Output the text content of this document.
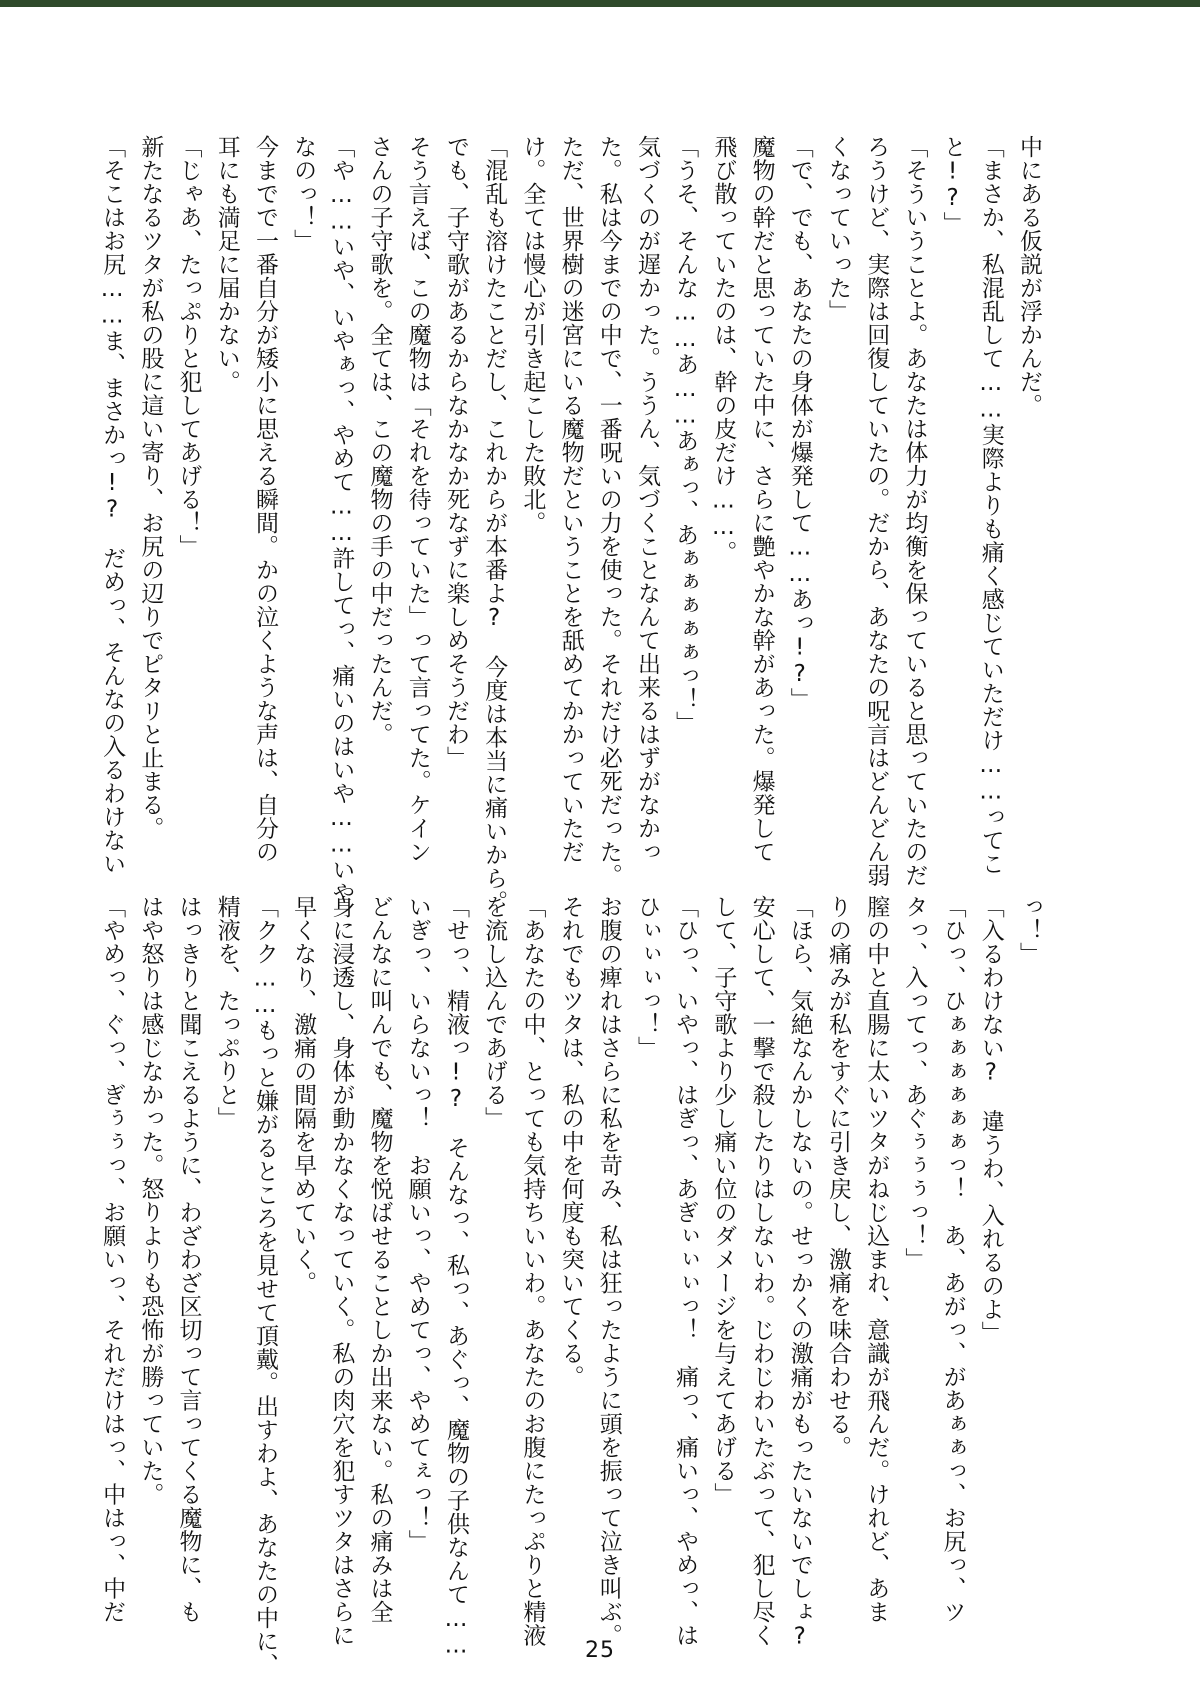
中にある仮説が浮かんだ。
「まさか、私混乱して……実際よりも痛く感じていただけ……ってこ
と!?」
「そういうことよ。あなたは体力が均衡を保っていると思っていたのだ
ろうけど、実際は回復していたの。だから、あなたの呪言はどんどん弱
くなっていった」
「で、でも、あなたの身体が爆発して……あっ!?」
魔物の幹だと思っていた中に、さらに艶やかな幹があった。爆発して
飛び散っていたのは、幹の皮だけ……。
「うそ、そんな……あ……あぁっ、あぁぁぁぁぁっ！」
気づくのが遅かった。ううん、気づくことなんて出来るはずがなかっ
た。私は今までの中で、一番呪いの力を使った。それだけ必死だった。
ただ、世界樹の迷宮にいる魔物だということを舐めてかかっていただ
け。全ては慢心が引き起こした敗北。
「混乱も溶けたことだし、これからが本番よ?　今度は本当に痛いから。
でも、子守歌があるからなかなか死なずに楽しめそうだわ」
そう言えば、この魔物は「それを待っていた」って言ってた。ケイン
さんの子守歌を。全ては、この魔物の手の中だったんだ。
「や……いや、いやぁっ、やめて……許してっ、痛いのはいや……いや
なのっ！」
今までで一番自分が矮小に思える瞬間。かの泣くような声は、自分の
耳にも満足に届かない。
「じゃあ、たっぷりと犯してあげる！」
新たなるツタが私の股に這い寄り、お尻の辺りでピタリと止まる。
「そこはお尻……ま、まさかっ!?　だめっ、そんなの入るわけない
っ！」
「入るわけない?　違うわ、入れるのよ」
「ひっ、ひぁぁぁぁぁぁっ！　あ、あがっ、があぁぁっ、お尻っ、ツ
タっ、入ってっ、あぐぅぅぅっ！」
膣の中と直腸に太いツタがねじ込まれ、意識が飛んだ。けれど、あま
りの痛みが私をすぐに引き戻し、激痛を味合わせる。
「ほら、気絶なんかしないの。せっかくの激痛がもったいないでしょ?
安心して、一撃で殺したりはしないわ。じわじわいたぶって、犯し尽く
して、子守歌より少し痛い位のダメージを与えてあげる」
「ひっ、いやっ、はぎっ、あぎぃぃぃっ！　痛っ、痛いっ、やめっ、は
ひぃぃぃっ！」
お腹の痺れはさらに私を苛み、私は狂ったように頭を振って泣き叫ぶ。
それでもツタは、私の中を何度も突いてくる。
「あなたの中、とっても気持ちいいわ。あなたのお腹にたっぷりと精液
を流し込んであげる」
「せっ、精液っ!?　そんなっ、私っ、あぐっ、魔物の子供なんて……
いぎっ、いらないっ！　お願いっ、やめてっ、やめてぇっ！」
どんなに叫んでも、魔物を悦ばせることしか出来ない。私の痛みは全
身に浸透し、身体が動かなくなっていく。私の肉穴を犯すツタはさらに
早くなり、激痛の間隔を早めていく。
「クク……もっと嫌がるところを見せて頂戴。出すわよ、あなたの中に、
精液を、たっぷりと」
はっきりと聞こえるように、わざわざ区切って言ってくる魔物に、も
はや怒りは感じなかった。怒りよりも恐怖が勝っていた。
「やめっ、ぐっ、ぎぅぅっ、お願いっ、それだけはっ、中はっ、中だ
25
